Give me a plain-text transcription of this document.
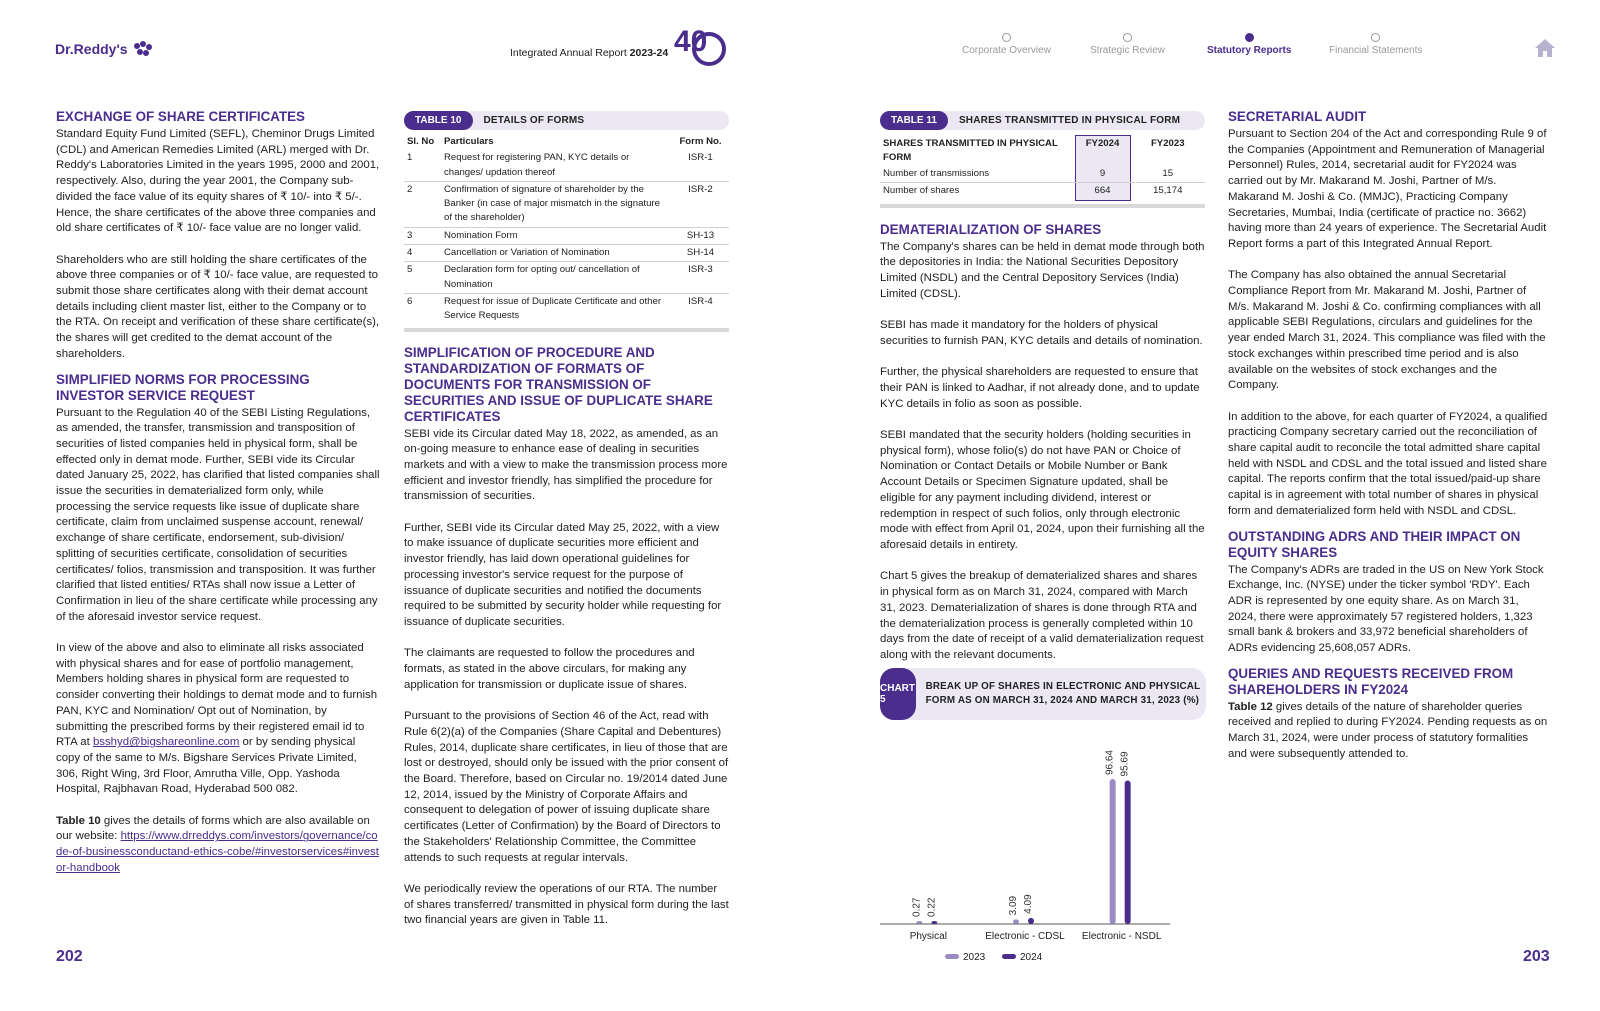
Dr.Reddy's	Integrated Annual Report 2023-24 40	Corporate Overview	Strategic Review	Statutory Reports	Financial Statements
EXCHANGE OF SHARE CERTIFICATES
Standard Equity Fund Limited (SEFL), Cheminor Drugs Limited (CDL) and American Remedies Limited (ARL) merged with Dr. Reddy's Laboratories Limited in the years 1995, 2000 and 2001, respectively. Also, during the year 2001, the Company sub-divided the face value of its equity shares of ₹ 10/- into ₹ 5/-. Hence, the share certificates of the above three companies and old share certificates of ₹ 10/- face value are no longer valid.
Shareholders who are still holding the share certificates of the above three companies or of ₹ 10/- face value, are requested to submit those share certificates along with their demat account details including client master list, either to the Company or to the RTA. On receipt and verification of these share certificate(s), the shares will get credited to the demat account of the shareholders.
SIMPLIFIED NORMS FOR PROCESSING INVESTOR SERVICE REQUEST
Pursuant to the Regulation 40 of the SEBI Listing Regulations, as amended, the transfer, transmission and transposition of securities of listed companies held in physical form, shall be effected only in demat mode. Further, SEBI vide its Circular dated January 25, 2022, has clarified that listed companies shall issue the securities in dematerialized form only, while processing the service requests like issue of duplicate share certificate, claim from unclaimed suspense account, renewal/ exchange of share certificate, endorsement, sub-division/ splitting of securities certificate, consolidation of securities certificates/ folios, transmission and transposition. It was further clarified that listed entities/ RTAs shall now issue a Letter of Confirmation in lieu of the share certificate while processing any of the aforesaid investor service request.
In view of the above and also to eliminate all risks associated with physical shares and for ease of portfolio management, Members holding shares in physical form are requested to consider converting their holdings to demat mode and to furnish PAN, KYC and Nomination/ Opt out of Nomination, by submitting the prescribed forms by their registered email id to RTA at bsshyd@bigshareonline.com or by sending physical copy of the same to M/s. Bigshare Services Private Limited, 306, Right Wing, 3rd Floor, Amrutha Ville, Opp. Yashoda Hospital, Rajbhavan Road, Hyderabad 500 082.
Table 10 gives the details of forms which are also available on our website: https://www.drreddys.com/investors/governance/code-of-businessconductand-ethics-cobe/#investorservices#investor-handbook
TABLE 10	DETAILS OF FORMS
Sl. No	Particulars	Form No.
1	Request for registering PAN, KYC details or changes/ updation thereof	ISR-1
2	Confirmation of signature of shareholder by the Banker (in case of major mismatch in the signature of the shareholder)	ISR-2
3	Nomination Form	SH-13
4	Cancellation or Variation of Nomination	SH-14
5	Declaration form for opting out/ cancellation of Nomination	ISR-3
6	Request for issue of Duplicate Certificate and other Service Requests	ISR-4
SIMPLIFICATION OF PROCEDURE AND STANDARDIZATION OF FORMATS OF DOCUMENTS FOR TRANSMISSION OF SECURITIES AND ISSUE OF DUPLICATE SHARE CERTIFICATES
SEBI vide its Circular dated May 18, 2022, as amended, as an on-going measure to enhance ease of dealing in securities markets and with a view to make the transmission process more efficient and investor friendly, has simplified the procedure for transmission of securities.
Further, SEBI vide its Circular dated May 25, 2022, with a view to make issuance of duplicate securities more efficient and investor friendly, has laid down operational guidelines for processing investor's service request for the purpose of issuance of duplicate securities and notified the documents required to be submitted by security holder while requesting for issuance of duplicate securities.
The claimants are requested to follow the procedures and formats, as stated in the above circulars, for making any application for transmission or duplicate issue of shares.
Pursuant to the provisions of Section 46 of the Act, read with Rule 6(2)(a) of the Companies (Share Capital and Debentures) Rules, 2014, duplicate share certificates, in lieu of those that are lost or destroyed, should only be issued with the prior consent of the Board. Therefore, based on Circular no. 19/2014 dated June 12, 2014, issued by the Ministry of Corporate Affairs and consequent to delegation of power of issuing duplicate share certificates (Letter of Confirmation) by the Board of Directors to the Stakeholders' Relationship Committee, the Committee attends to such requests at regular intervals.
We periodically review the operations of our RTA. The number of shares transferred/ transmitted in physical form during the last two financial years are given in Table 11.
202
TABLE 11	SHARES TRANSMITTED IN PHYSICAL FORM
SHARES TRANSMITTED IN PHYSICAL FORM	FY2024	FY2023
Number of transmissions	9	15
Number of shares	664	15,174
DEMATERIALIZATION OF SHARES
The Company's shares can be held in demat mode through both the depositories in India: the National Securities Depository Limited (NSDL) and the Central Depository Services (India) Limited (CDSL).
SEBI has made it mandatory for the holders of physical securities to furnish PAN, KYC details and details of nomination.
Further, the physical shareholders are requested to ensure that their PAN is linked to Aadhar, if not already done, and to update KYC details in folio as soon as possible.
SEBI mandated that the security holders (holding securities in physical form), whose folio(s) do not have PAN or Choice of Nomination or Contact Details or Mobile Number or Bank Account Details or Specimen Signature updated, shall be eligible for any payment including dividend, interest or redemption in respect of such folios, only through electronic mode with effect from April 01, 2024, upon their furnishing all the aforesaid details in entirety.
Chart 5 gives the breakup of dematerialized shares and shares in physical form as on March 31, 2024, compared with March 31, 2023. Dematerialization of shares is done through RTA and the dematerialization process is generally completed within 10 days from the date of receipt of a valid dematerialization request along with the relevant documents.
CHART 5
BREAK UP OF SHARES IN ELECTRONIC AND PHYSICAL FORM AS ON MARCH 31, 2024 AND MARCH 31, 2023 (%)
0.27 0.22
Physical
3.09 4.09
Electronic - CDSL
96.64 95.69
Electronic - NSDL
2023	2024
SECRETARIAL AUDIT
Pursuant to Section 204 of the Act and corresponding Rule 9 of the Companies (Appointment and Remuneration of Managerial Personnel) Rules, 2014, secretarial audit for FY2024 was carried out by Mr. Makarand M. Joshi, Partner of M/s. Makarand M. Joshi & Co. (MMJC), Practicing Company Secretaries, Mumbai, India (certificate of practice no. 3662) having more than 24 years of experience. The Secretarial Audit Report forms a part of this Integrated Annual Report.
The Company has also obtained the annual Secretarial Compliance Report from Mr. Makarand M. Joshi, Partner of M/s. Makarand M. Joshi & Co. confirming compliances with all applicable SEBI Regulations, circulars and guidelines for the year ended March 31, 2024. This compliance was filed with the stock exchanges within prescribed time period and is also available on the websites of stock exchanges and the Company.
In addition to the above, for each quarter of FY2024, a qualified practicing Company secretary carried out the reconciliation of share capital audit to reconcile the total admitted share capital held with NSDL and CDSL and the total issued and listed share capital. The reports confirm that the total issued/paid-up share capital is in agreement with total number of shares in physical form and dematerialized form held with NSDL and CDSL.
OUTSTANDING ADRS AND THEIR IMPACT ON EQUITY SHARES
The Company's ADRs are traded in the US on New York Stock Exchange, Inc. (NYSE) under the ticker symbol 'RDY'. Each ADR is represented by one equity share. As on March 31, 2024, there were approximately 57 registered holders, 1,323 small bank & brokers and 33,972 beneficial shareholders of ADRs evidencing 25,608,057 ADRs.
QUERIES AND REQUESTS RECEIVED FROM SHAREHOLDERS IN FY2024
Table 12 gives details of the nature of shareholder queries received and replied to during FY2024. Pending requests as on March 31, 2024, were under process of statutory formalities and were subsequently attended to.
203
